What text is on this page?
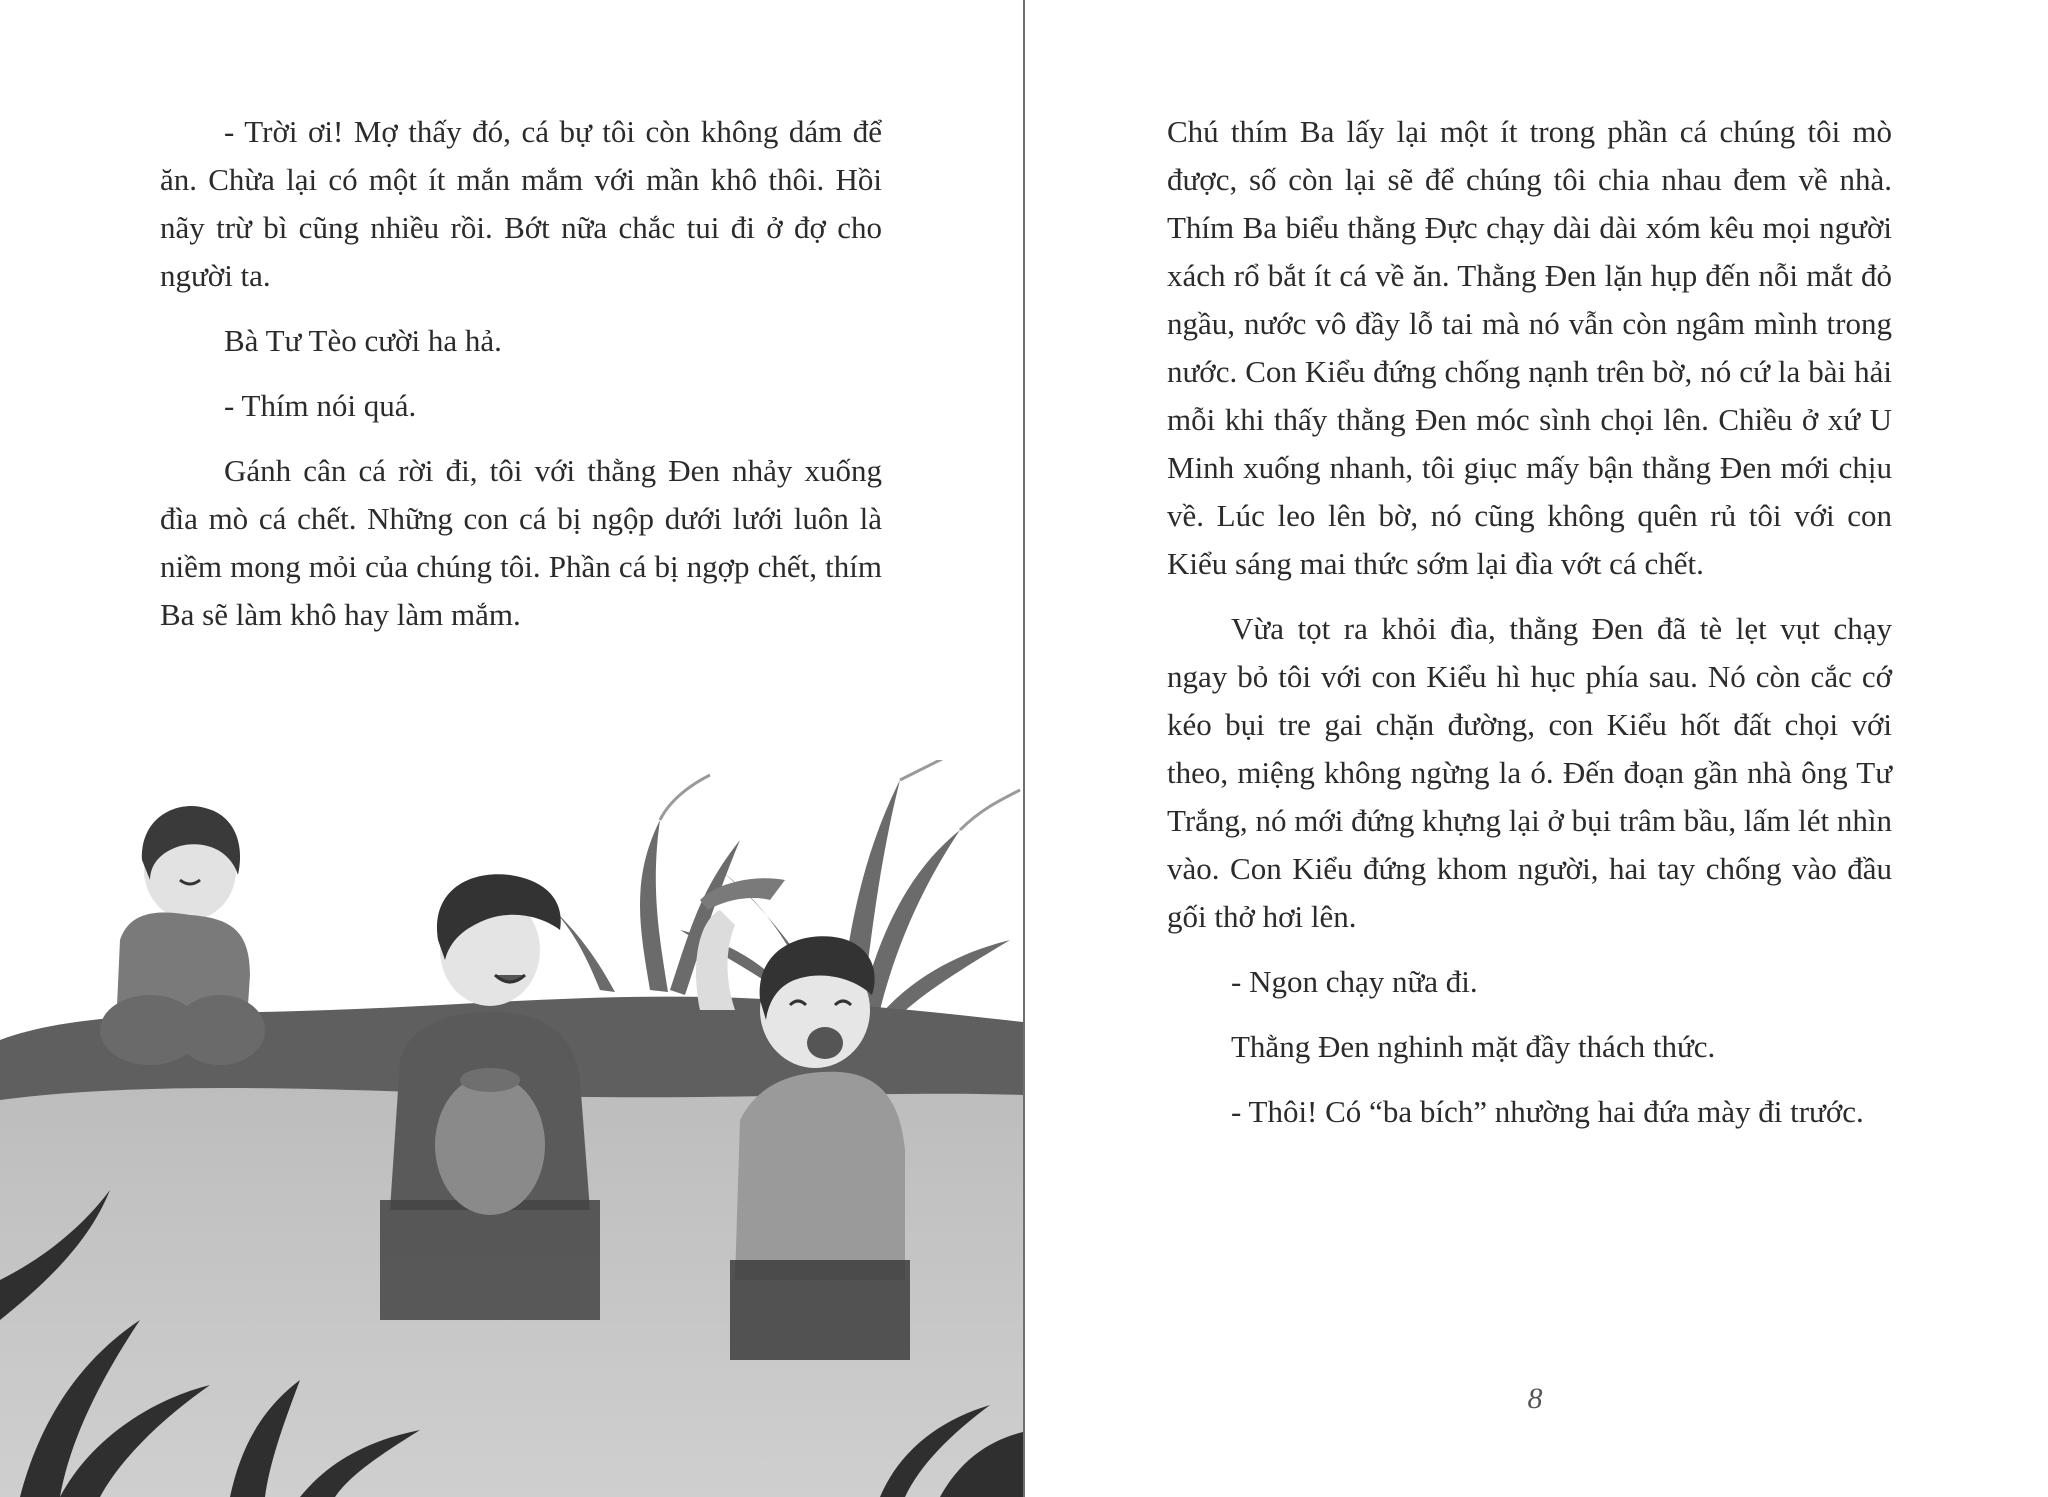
- Trời ơi! Mợ thấy đó, cá bự tôi còn không dám để ăn. Chừa lại có một ít mắn mắm với mần khô thôi. Hồi nãy trừ bì cũng nhiều rồi. Bớt nữa chắc tui đi ở đợ cho người ta.

Bà Tư Tèo cười ha hả.

- Thím nói quá.

Gánh cân cá rời đi, tôi với thằng Đen nhảy xuống đìa mò cá chết. Những con cá bị ngộp dưới lưới luôn là niềm mong mỏi của chúng tôi. Phần cá bị ngợp chết, thím Ba sẽ làm khô hay làm mắm.

Chú thím Ba lấy lại một ít trong phần cá chúng tôi mò được, số còn lại sẽ để chúng tôi chia nhau đem về nhà. Thím Ba biểu thằng Đực chạy dài dài xóm kêu mọi người xách rổ bắt ít cá về ăn. Thằng Đen lặn hụp đến nỗi mắt đỏ ngầu, nước vô đầy lỗ tai mà nó vẫn còn ngâm mình trong nước. Con Kiểu đứng chống nạnh trên bờ, nó cứ la bài hải mỗi khi thấy thằng Đen móc sình chọi lên. Chiều ở xứ U Minh xuống nhanh, tôi giục mấy bận thằng Đen mới chịu về. Lúc leo lên bờ, nó cũng không quên rủ tôi với con Kiểu sáng mai thức sớm lại đìa vớt cá chết.

Vừa tọt ra khỏi đìa, thằng Đen đã tè lẹt vụt chạy ngay bỏ tôi với con Kiểu hì hục phía sau. Nó còn cắc cớ kéo bụi tre gai chặn đường, con Kiểu hốt đất chọi với theo, miệng không ngừng la ó. Đến đoạn gần nhà ông Tư Trắng, nó mới đứng khựng lại ở bụi trâm bầu, lấm lét nhìn vào. Con Kiểu đứng khom người, hai tay chống vào đầu gối thở hơi lên.

- Ngon chạy nữa đi.

Thằng Đen nghinh mặt đầy thách thức.

- Thôi! Có “ba bích” nhường hai đứa mày đi trước.

8
